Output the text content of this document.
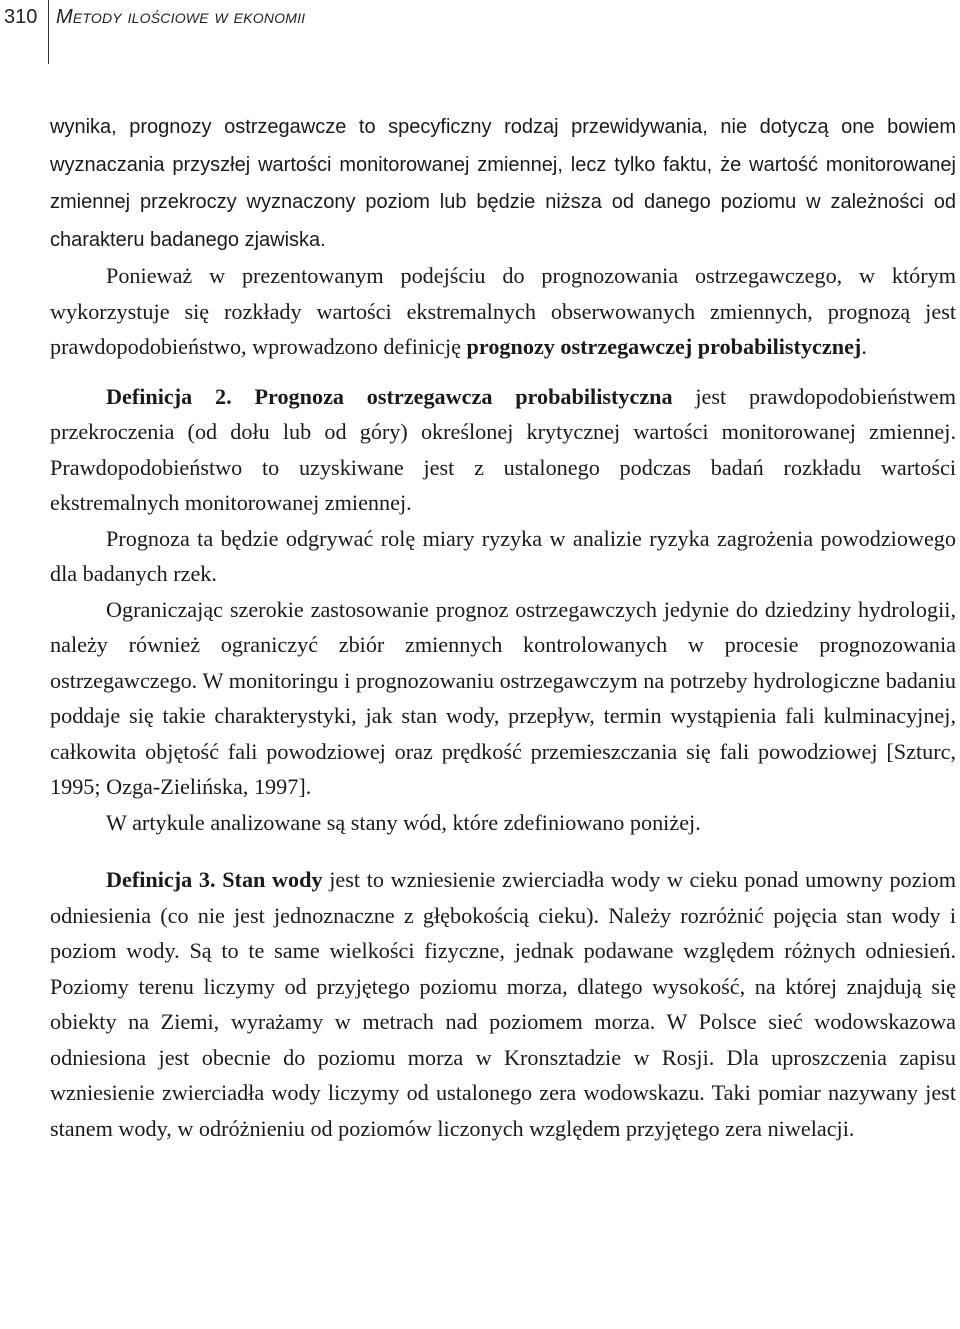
310 Metody ilościowe w ekonomii

wynika, prognozy ostrzegawcze to specyficzny rodzaj przewidywania, nie dotyczą one bowiem wyznaczania przyszłej wartości monitorowanej zmiennej, lecz tylko faktu, że wartość monitorowanej zmiennej przekroczy wyznaczony poziom lub będzie niższa od danego poziomu w zależności od charakteru badanego zjawiska.

Ponieważ w prezentowanym podejściu do prognozowania ostrzegawczego, w którym wykorzystuje się rozkłady wartości ekstremalnych obserwowanych zmiennych, prognozą jest prawdopodobieństwo, wprowadzono definicję prognozy ostrzegawczej probabilistycznej.

Definicja 2. Prognoza ostrzegawcza probabilistyczna jest prawdopodobieństwem przekroczenia (od dołu lub od góry) określonej krytycznej wartości monitorowanej zmiennej. Prawdopodobieństwo to uzyskiwane jest z ustalonego podczas badań rozkładu wartości ekstremalnych monitorowanej zmiennej.

Prognoza ta będzie odgrywać rolę miary ryzyka w analizie ryzyka zagrożenia powodziowego dla badanych rzek.

Ograniczając szerokie zastosowanie prognoz ostrzegawczych jedynie do dziedziny hydrologii, należy również ograniczyć zbiór zmiennych kontrolowanych w procesie prognozowania ostrzegawczego. W monitoringu i prognozowaniu ostrzegawczym na potrzeby hydrologiczne badaniu poddaje się takie charakterystyki, jak stan wody, przepływ, termin wystąpienia fali kulminacyjnej, całkowita objętość fali powodziowej oraz prędkość przemieszczania się fali powodziowej [Szturc, 1995; Ozga-Zielińska, 1997].

W artykule analizowane są stany wód, które zdefiniowano poniżej.

Definicja 3. Stan wody jest to wzniesienie zwierciadła wody w cieku ponad umowny poziom odniesienia (co nie jest jednoznaczne z głębokością cieku). Należy rozróżnić pojęcia stan wody i poziom wody. Są to te same wielkości fizyczne, jednak podawane względem różnych odniesień. Poziomy terenu liczymy od przyjętego poziomu morza, dlatego wysokość, na której znajdują się obiekty na Ziemi, wyrażamy w metrach nad poziomem morza. W Polsce sieć wodowskazowa odniesiona jest obecnie do poziomu morza w Kronsztadzie w Rosji. Dla uproszczenia zapisu wzniesienie zwierciadła wody liczymy od ustalonego zera wodowskazu. Taki pomiar nazywany jest stanem wody, w odróżnieniu od poziomów liczonych względem przyjętego zera niwelacji.
